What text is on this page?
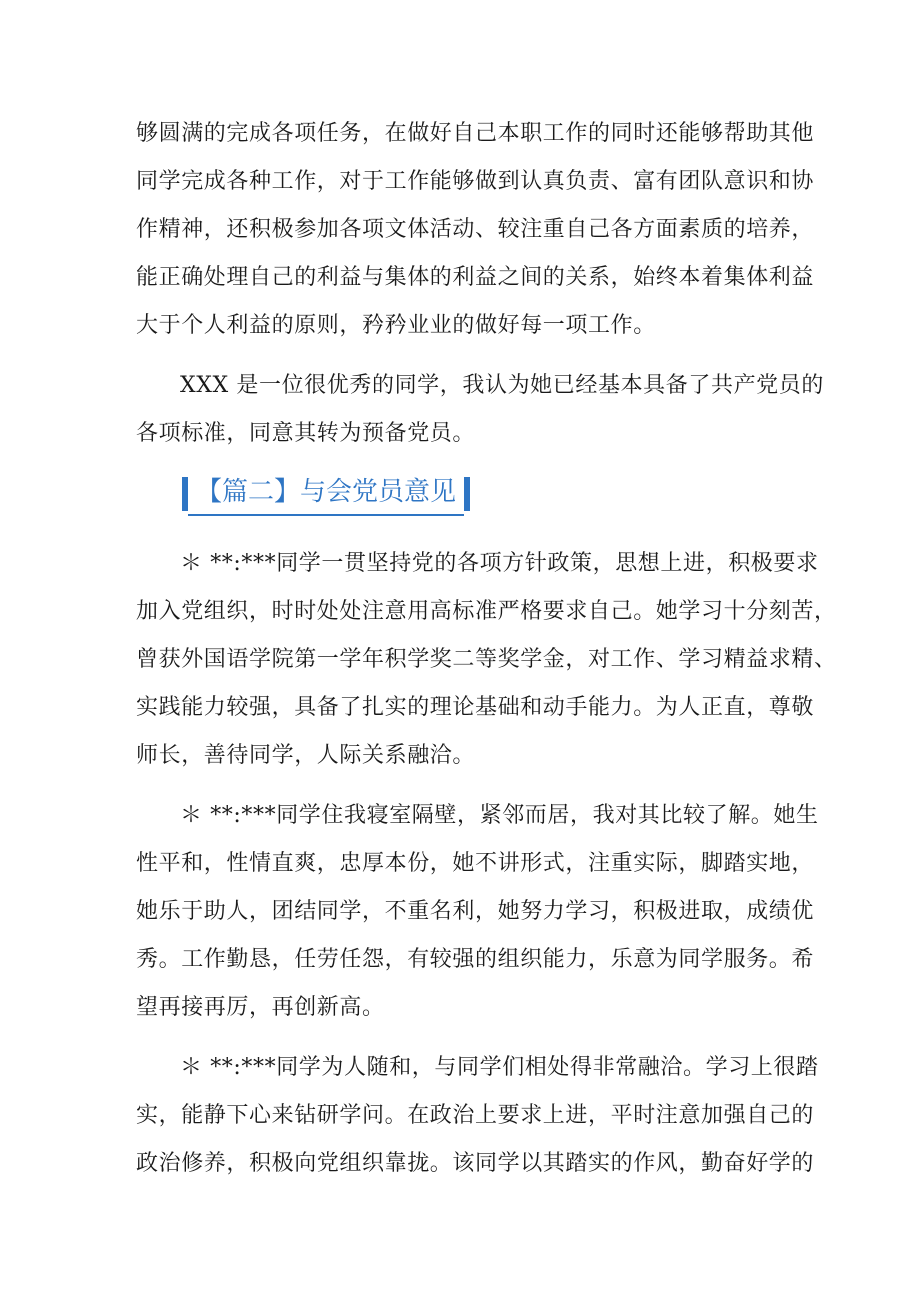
够圆满的完成各项任务，在做好自己本职工作的同时还能够帮助其他
同学完成各种工作，对于工作能够做到认真负责、富有团队意识和协
作精神，还积极参加各项文体活动、较注重自己各方面素质的培养，
能正确处理自己的利益与集体的利益之间的关系，始终本着集体利益
大于个人利益的原则，矜矜业业的做好每一项工作。
XXX 是一位很优秀的同学，我认为她已经基本具备了共产党员的
各项标准，同意其转为预备党员。
【篇二】与会党员意见
＊ **:***同学一贯坚持党的各项方针政策，思想上进，积极要求
加入党组织，时时处处注意用高标准严格要求自己。她学习十分刻苦，
曾获外国语学院第一学年积学奖二等奖学金，对工作、学习精益求精、
实践能力较强，具备了扎实的理论基础和动手能力。为人正直，尊敬
师长，善待同学，人际关系融洽。
＊ **:***同学住我寝室隔壁，紧邻而居，我对其比较了解。她生
性平和，性情直爽，忠厚本份，她不讲形式，注重实际，脚踏实地，
她乐于助人，团结同学，不重名利，她努力学习，积极进取，成绩优
秀。工作勤恳，任劳任怨，有较强的组织能力，乐意为同学服务。希
望再接再厉，再创新高。
＊ **:***同学为人随和，与同学们相处得非常融洽。学习上很踏
实，能静下心来钻研学问。在政治上要求上进，平时注意加强自己的
政治修养，积极向党组织靠拢。该同学以其踏实的作风，勤奋好学的
